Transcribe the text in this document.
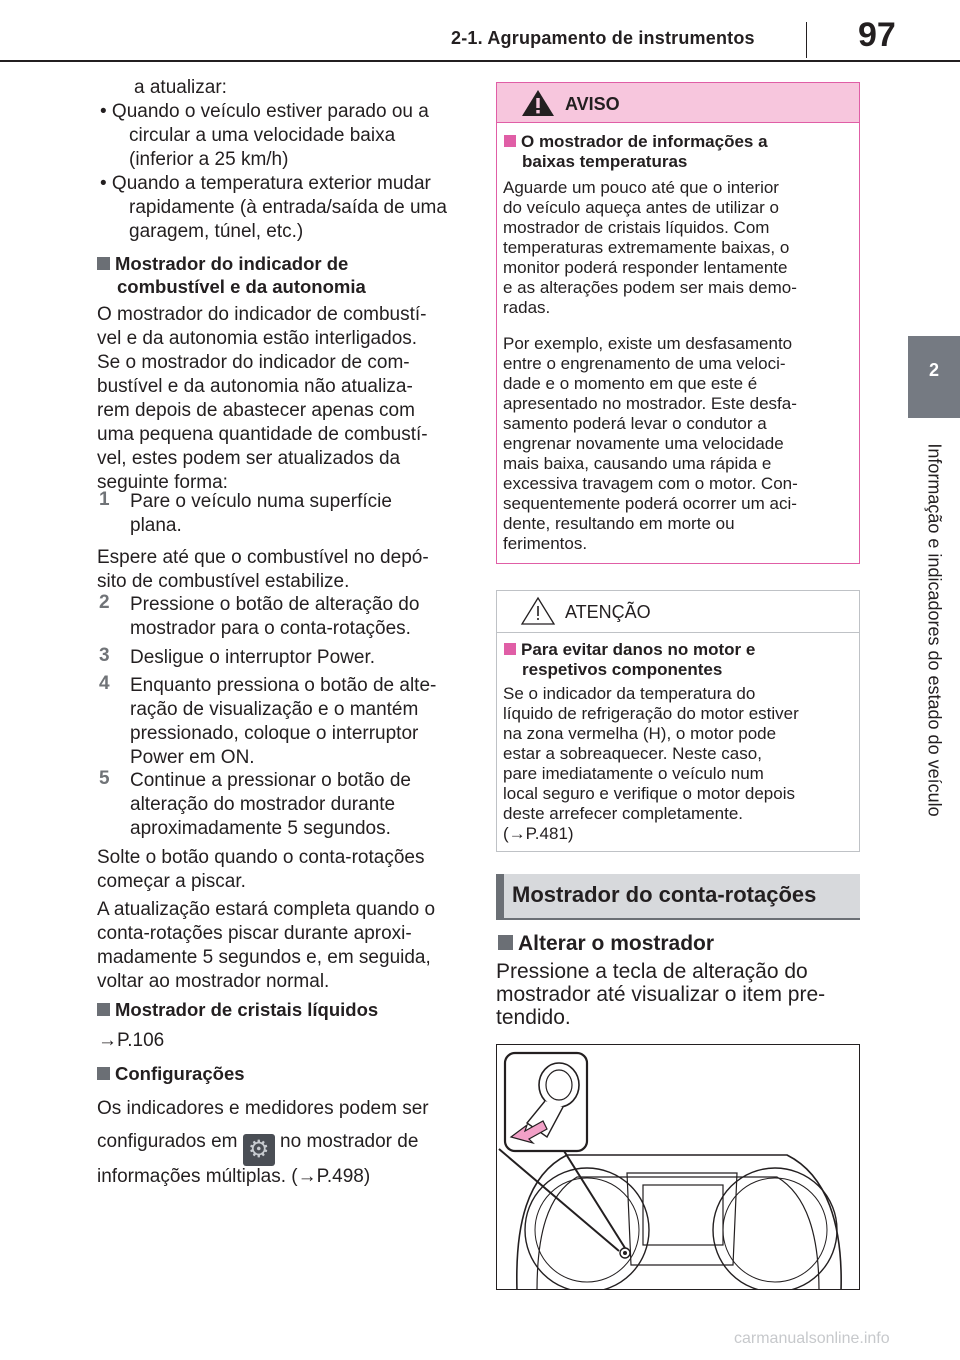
2-1. Agrupamento de instrumentos	97
2
Informação e indicadores do estado do veículo
a atualizar:
• Quando o veículo estiver parado ou a
circular a uma velocidade baixa
(inferior a 25 km/h)
• Quando a temperatura exterior mudar
rapidamente (à entrada/saída de uma
garagem, túnel, etc.)
Mostrador do indicador de
combustível e da autonomia
O mostrador do indicador de combustí-
vel e da autonomia estão interligados.
Se o mostrador do indicador de com-
bustível e da autonomia não atualiza-
rem depois de abastecer apenas com
uma pequena quantidade de combustí-
vel, estes podem ser atualizados da
seguinte forma:
1 Pare o veículo numa superfície
plana.
Espere até que o combustível no depó-
sito de combustível estabilize.
2 Pressione o botão de alteração do
mostrador para o conta-rotações.
3 Desligue o interruptor Power.
4 Enquanto pressiona o botão de alte-
ração de visualização e o mantém
pressionado, coloque o interruptor
Power em ON.
5 Continue a pressionar o botão de
alteração do mostrador durante
aproximadamente 5 segundos.
Solte o botão quando o conta-rotações
começar a piscar.
A atualização estará completa quando o
conta-rotações piscar durante aproxi-
madamente 5 segundos e, em seguida,
voltar ao mostrador normal.
Mostrador de cristais líquidos
→P.106
Configurações
Os indicadores e medidores podem ser
configurados em ⚙ no mostrador de
informações múltiplas. (→P.498)
AVISO
O mostrador de informações a
baixas temperaturas
Aguarde um pouco até que o interior
do veículo aqueça antes de utilizar o
mostrador de cristais líquidos. Com
temperaturas extremamente baixas, o
monitor poderá responder lentamente
e as alterações podem ser mais demo-
radas.
Por exemplo, existe um desfasamento
entre o engrenamento de uma veloci-
dade e o momento em que este é
apresentado no mostrador. Este desfa-
samento poderá levar o condutor a
engrenar novamente uma velocidade
mais baixa, causando uma rápida e
excessiva travagem com o motor. Con-
sequentemente poderá ocorrer um aci-
dente, resultando em morte ou
ferimentos.
ATENÇÃO
Para evitar danos no motor e
respetivos componentes
Se o indicador da temperatura do
líquido de refrigeração do motor estiver
na zona vermelha (H), o motor pode
estar a sobreaquecer. Neste caso,
pare imediatamente o veículo num
local seguro e verifique o motor depois
deste arrefecer completamente.
(→P.481)
Mostrador do conta-rotações
Alterar o mostrador
Pressione a tecla de alteração do
mostrador até visualizar o item pre-
tendido.
carmanualsonline.info
